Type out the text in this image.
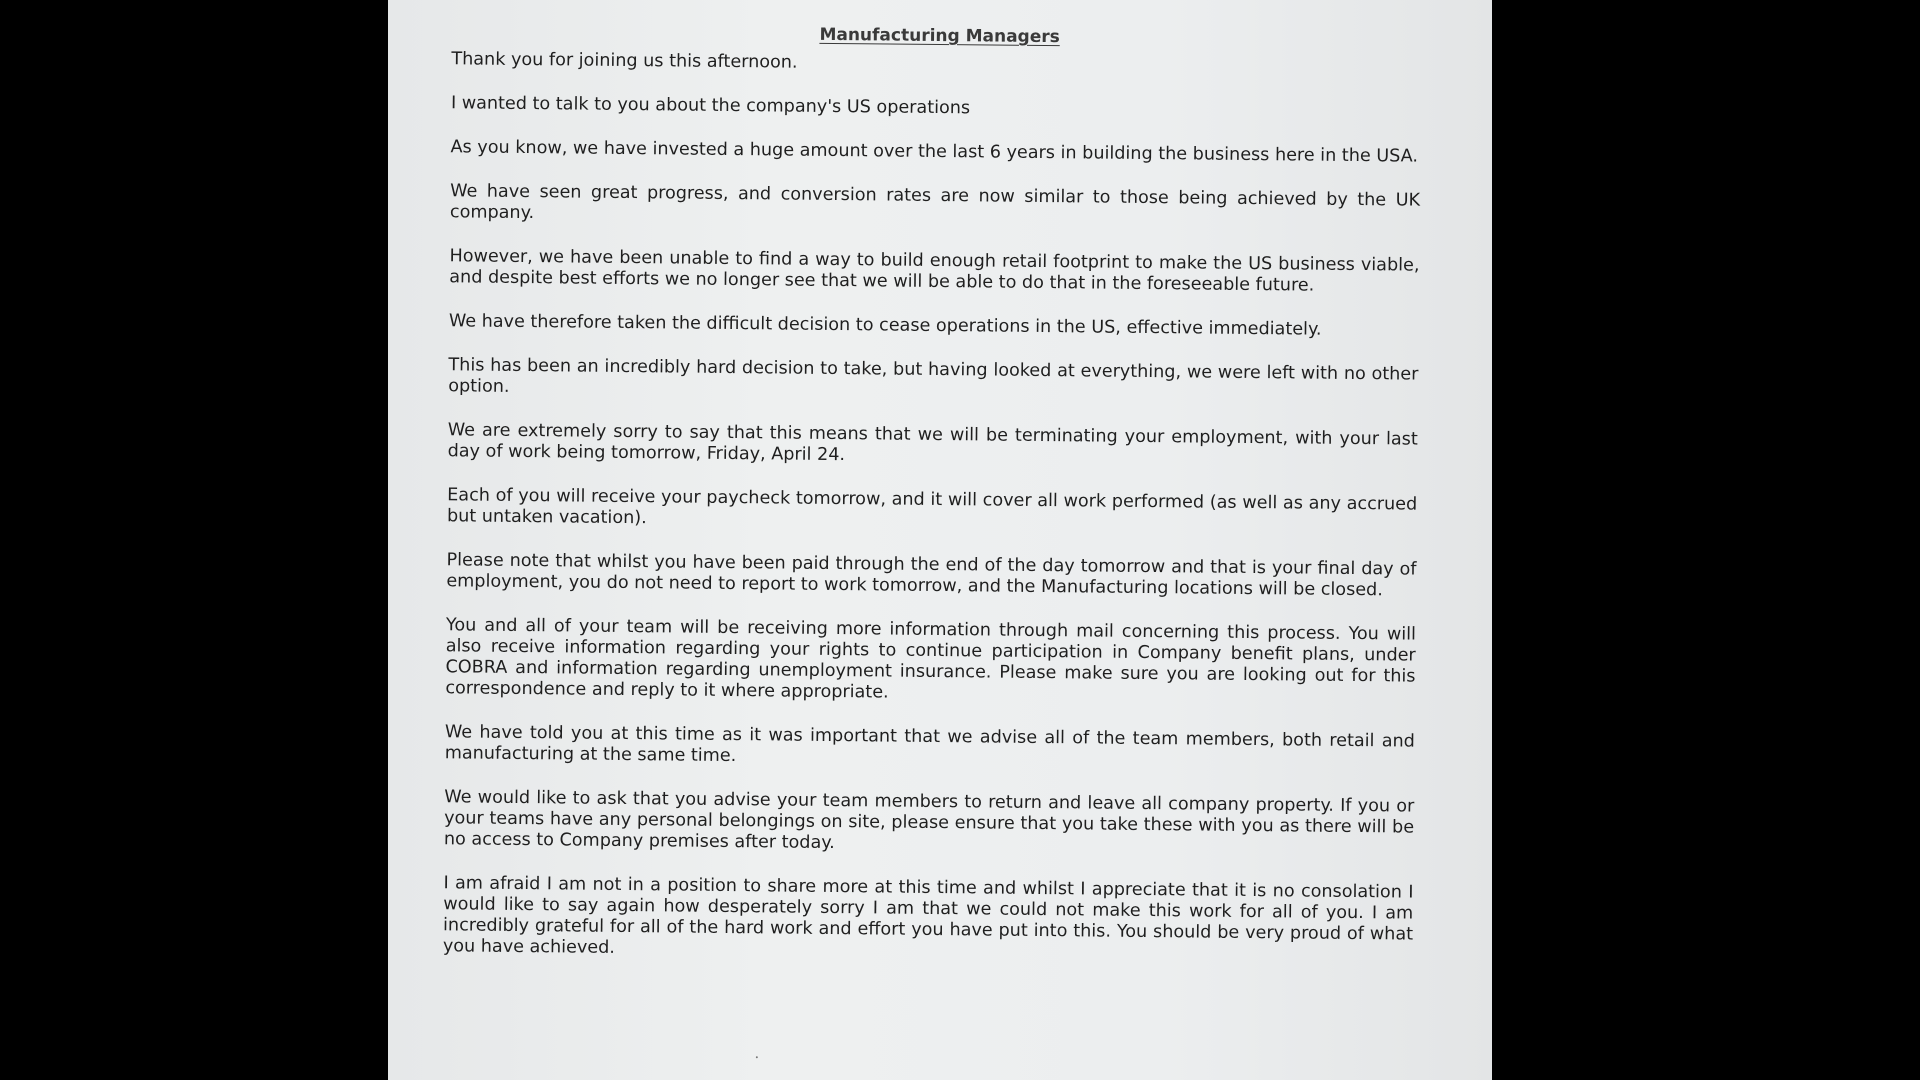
Manufacturing Managers

Thank you for joining us this afternoon.

I wanted to talk to you about the company's US operations

As you know, we have invested a huge amount over the last 6 years in building the business here in the USA.

We have seen great progress, and conversion rates are now similar to those being achieved by the UK company.

However, we have been unable to find a way to build enough retail footprint to make the US business viable, and despite best efforts we no longer see that we will be able to do that in the foreseeable future.

We have therefore taken the difficult decision to cease operations in the US, effective immediately.

This has been an incredibly hard decision to take, but having looked at everything, we were left with no other option.

We are extremely sorry to say that this means that we will be terminating your employment, with your last day of work being tomorrow, Friday, April 24.

Each of you will receive your paycheck tomorrow, and it will cover all work performed (as well as any accrued but untaken vacation).

Please note that whilst you have been paid through the end of the day tomorrow and that is your final day of employment, you do not need to report to work tomorrow, and the Manufacturing locations will be closed.

You and all of your team will be receiving more information through mail concerning this process. You will also receive information regarding your rights to continue participation in Company benefit plans, under COBRA and information regarding unemployment insurance. Please make sure you are looking out for this correspondence and reply to it where appropriate.

We have told you at this time as it was important that we advise all of the team members, both retail and manufacturing at the same time.

We would like to ask that you advise your team members to return and leave all company property. If you or your teams have any personal belongings on site, please ensure that you take these with you as there will be no access to Company premises after today.

I am afraid I am not in a position to share more at this time and whilst I appreciate that it is no consolation I would like to say again how desperately sorry I am that we could not make this work for all of you. I am incredibly grateful for all of the hard work and effort you have put into this. You should be very proud of what you have achieved.
